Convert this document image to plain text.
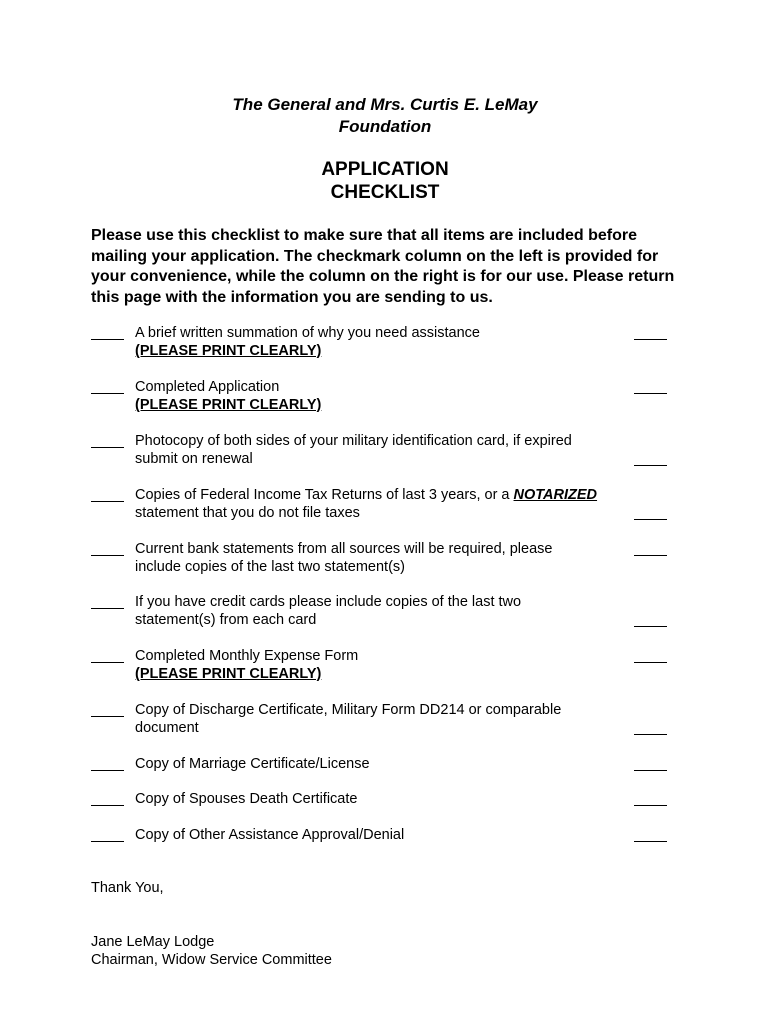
The General and Mrs. Curtis E. LeMay
Foundation
APPLICATION
CHECKLIST
Please use this checklist to make sure that all items are included before mailing your application. The checkmark column on the left is provided for your convenience, while the column on the right is for our use. Please return this page with the information you are sending to us.
A brief written summation of why you need assistance
(PLEASE PRINT CLEARLY)
Completed Application
(PLEASE PRINT CLEARLY)
Photocopy of both sides of your military identification card, if expired submit on renewal
Copies of Federal Income Tax Returns of last 3 years, or a NOTARIZED statement that you do not file taxes
Current bank statements from all sources will be required, please include copies of the last two statement(s)
If you have credit cards please include copies of the last two statement(s) from each card
Completed Monthly Expense Form
(PLEASE PRINT CLEARLY)
Copy of Discharge Certificate, Military Form DD214 or comparable document
Copy of Marriage Certificate/License
Copy of Spouses Death Certificate
Copy of Other Assistance Approval/Denial
Thank You,
Jane LeMay Lodge
Chairman, Widow Service Committee
